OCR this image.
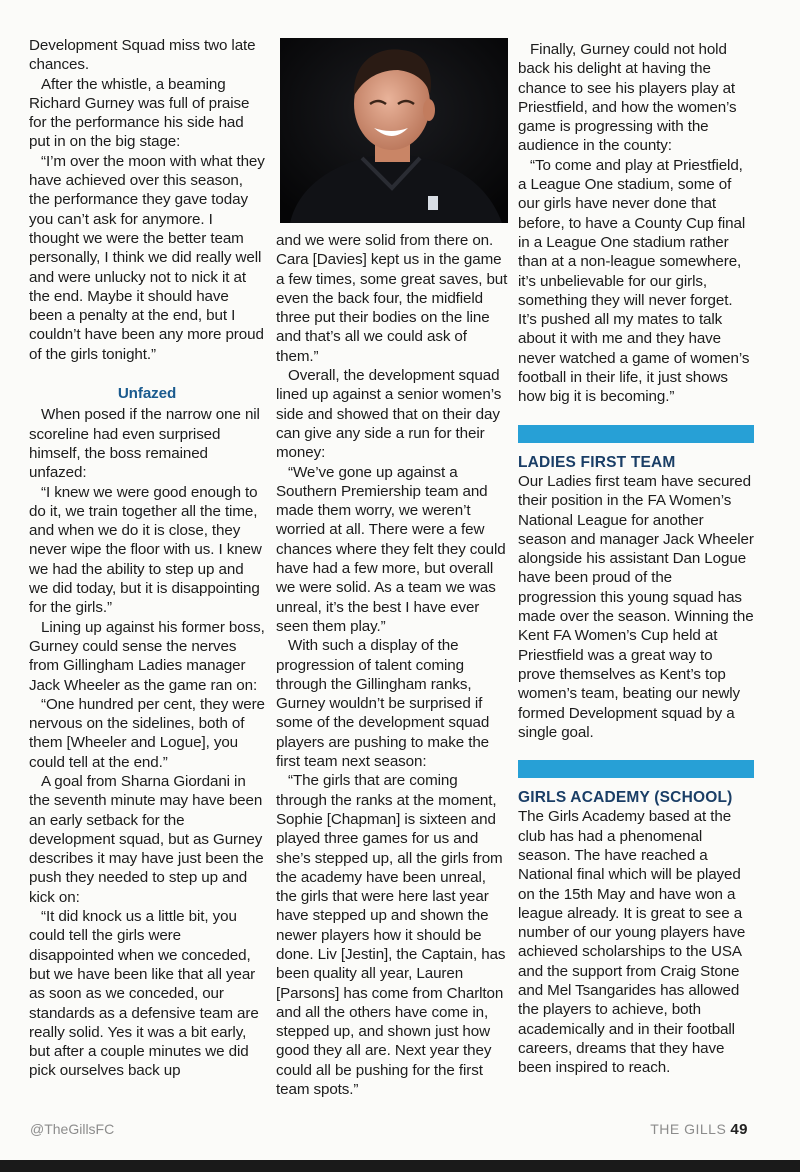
Development Squad miss two late chances.

After the whistle, a beaming Richard Gurney was full of praise for the performance his side had put in on the big stage:

“I’m over the moon with what they have achieved over this season, the performance they gave today you can’t ask for anymore. I thought we were the better team personally, I think we did really well and were unlucky not to nick it at the end. Maybe it should have been a penalty at the end, but I couldn’t have been any more proud of the girls tonight.”

Unfazed

When posed if the narrow one nil scoreline had even surprised himself, the boss remained unfazed:

“I knew we were good enough to do it, we train together all the time, and when we do it is close, they never wipe the floor with us. I knew we had the ability to step up and we did today, but it is disappointing for the girls.”

Lining up against his former boss, Gurney could sense the nerves from Gillingham Ladies manager Jack Wheeler as the game ran on:

“One hundred per cent, they were nervous on the sidelines, both of them [Wheeler and Logue], you could tell at the end.”

A goal from Sharna Giordani in the seventh minute may have been an early setback for the development squad, but as Gurney describes it may have just been the push they needed to step up and kick on:

“It did knock us a little bit, you could tell the girls were disappointed when we conceded, but we have been like that all year as soon as we conceded, our standards as a defensive team are really solid. Yes it was a bit early, but after a couple minutes we did pick ourselves back up

and we were solid from there on. Cara [Davies] kept us in the game a few times, some great saves, but even the back four, the midfield three put their bodies on the line and that’s all we could ask of them.”

Overall, the development squad lined up against a senior women’s side and showed that on their day can give any side a run for their money:

“We’ve gone up against a Southern Premiership team and made them worry, we weren’t worried at all. There were a few chances where they felt they could have had a few more, but overall we were solid. As a team we was unreal, it’s the best I have ever seen them play.”

With such a display of the progression of talent coming through the Gillingham ranks, Gurney wouldn’t be surprised if some of the development squad players are pushing to make the first team next season:

“The girls that are coming through the ranks at the moment, Sophie [Chapman] is sixteen and played three games for us and she’s stepped up, all the girls from the academy have been unreal, the girls that were here last year have stepped up and shown the newer players how it should be done. Liv [Jestin], the Captain, has been quality all year, Lauren [Parsons] has come from Charlton and all the others have come in, stepped up, and shown just how good they all are. Next year they could all be pushing for the first team spots.”

Finally, Gurney could not hold back his delight at having the chance to see his players play at Priestfield, and how the women’s game is progressing with the audience in the county:

“To come and play at Priestfield, a League One stadium, some of our girls have never done that before, to have a County Cup final in a League One stadium rather than at a non-league somewhere, it’s unbelievable for our girls, something they will never forget. It’s pushed all my mates to talk about it with me and they have never watched a game of women’s football in their life, it just shows how big it is becoming.”

LADIES FIRST TEAM

Our Ladies first team have secured their position in the FA Women’s National League for another season and manager Jack Wheeler alongside his assistant Dan Logue have been proud of the progression this young squad has made over the season. Winning the Kent FA Women’s Cup held at Priestfield was a great way to prove themselves as Kent’s top women’s team, beating our newly formed Development squad by a single goal.

GIRLS ACADEMY (SCHOOL)

The Girls Academy based at the club has had a phenomenal season. The have reached a National final which will be played on the 15th May and have won a league already. It is great to see a number of our young players have achieved scholarships to the USA and the support from Craig Stone and Mel Tsangarides has allowed the players to achieve, both academically and in their football careers, dreams that they have been inspired to reach.

@TheGillsFC	THE GILLS 49
